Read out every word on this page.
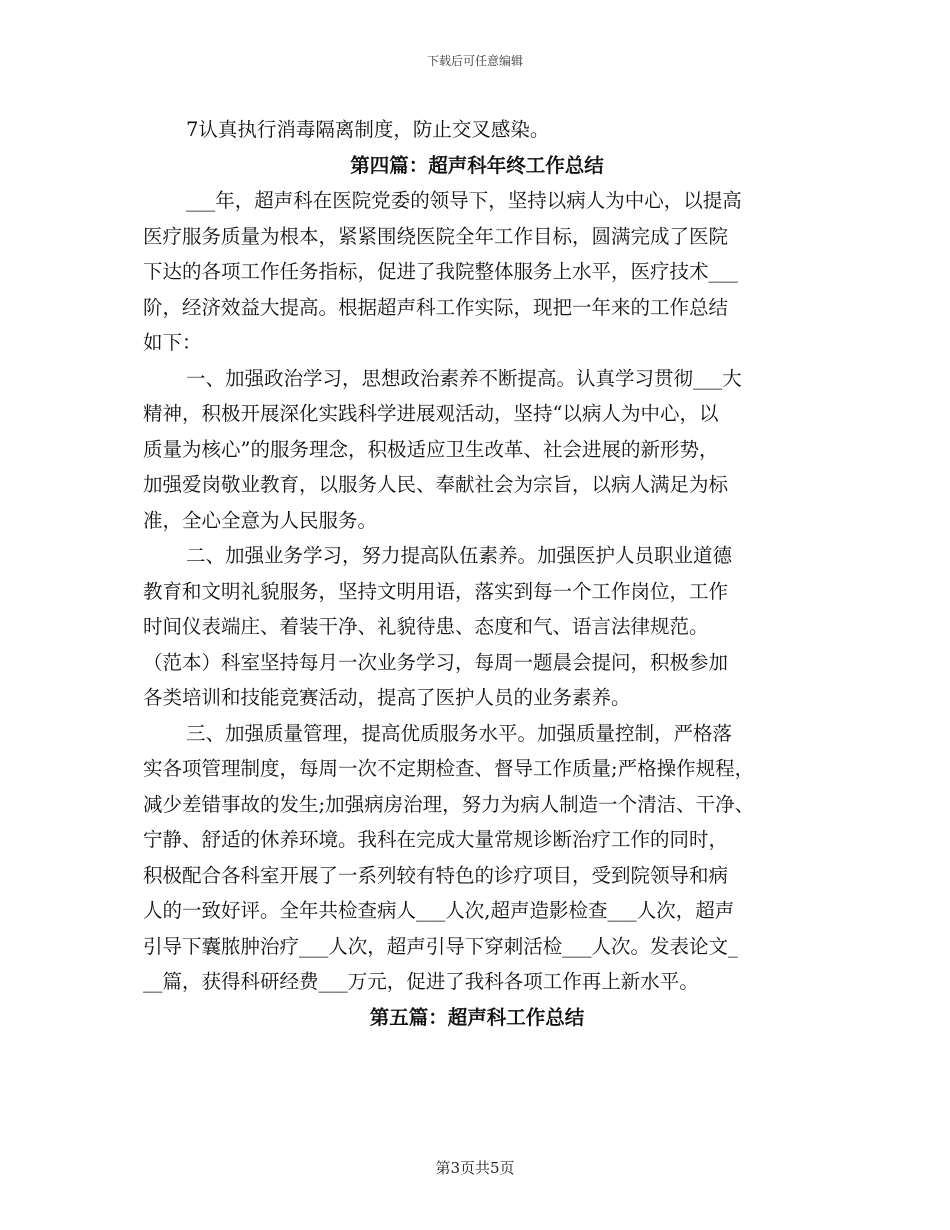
下载后可任意编辑
7认真执行消毒隔离制度，防止交叉感染。
第四篇：超声科年终工作总结
___年，超声科在医院党委的领导下，坚持以病人为中心，以提高
医疗服务质量为根本，紧紧围绕医院全年工作目标，圆满完成了医院
下达的各项工作任务指标，促进了我院整体服务上水平，医疗技术___
阶，经济效益大提高。根据超声科工作实际，现把一年来的工作总结
如下：
一、加强政治学习，思想政治素养不断提高。认真学习贯彻___大
精神，积极开展深化实践科学进展观活动，坚持“以病人为中心，以
质量为核心”的服务理念，积极适应卫生改革、社会进展的新形势，
加强爱岗敬业教育，以服务人民、奉献社会为宗旨，以病人满足为标
准，全心全意为人民服务。
二、加强业务学习，努力提高队伍素养。加强医护人员职业道德
教育和文明礼貌服务，坚持文明用语，落实到每一个工作岗位，工作
时间仪表端庄、着装干净、礼貌待患、态度和气、语言法律规范。
（范本）科室坚持每月一次业务学习，每周一题晨会提问，积极参加
各类培训和技能竞赛活动，提高了医护人员的业务素养。
三、加强质量管理，提高优质服务水平。加强质量控制，严格落
实各项管理制度，每周一次不定期检查、督导工作质量;严格操作规程，
减少差错事故的发生;加强病房治理，努力为病人制造一个清洁、干净、
宁静、舒适的休养环境。我科在完成大量常规诊断治疗工作的同时，
积极配合各科室开展了一系列较有特色的诊疗项目，受到院领导和病
人的一致好评。全年共检查病人___人次,超声造影检查___人次，超声
引导下囊脓肿治疗___人次，超声引导下穿刺活检___人次。发表论文_
__篇，获得科研经费___万元，促进了我科各项工作再上新水平。
第五篇：超声科工作总结
第3页共5页
